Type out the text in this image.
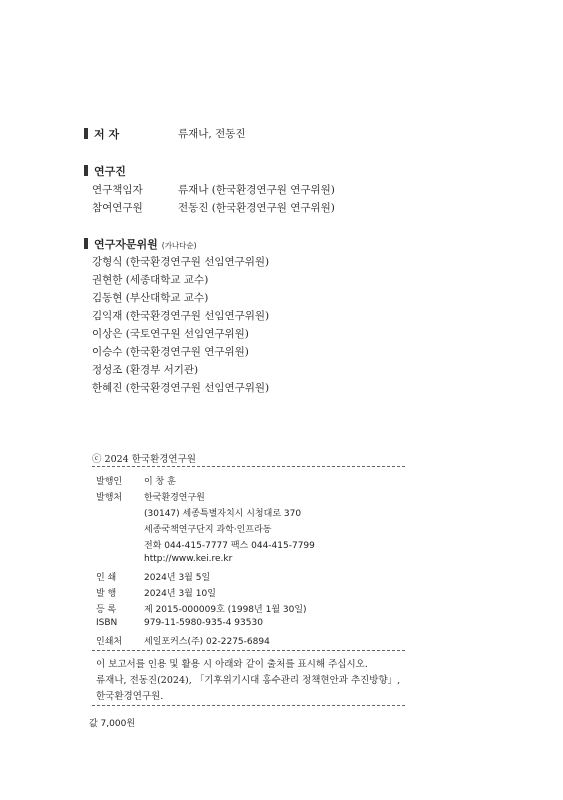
저 자	류재나, 전동진
연구진
연구책임자	류재나 (한국환경연구원 연구위원)
참여연구원	전동진 (한국환경연구원 연구위원)
연구자문위원 (가나다순)
강형식 (한국환경연구원 선임연구위원)
권현한 (세종대학교 교수)
김동현 (부산대학교 교수)
김익재 (한국환경연구원 선임연구위원)
이상은 (국토연구원 선임연구위원)
이승수 (한국환경연구원 연구위원)
정성조 (환경부 서기관)
한혜진 (한국환경연구원 선임연구위원)
ⓒ 2024 한국환경연구원
발행인 이 창 훈
발행처 한국환경연구원
(30147) 세종특별자치시 시청대로 370
세종국책연구단지 과학·인프라동
전화 044-415-7777 팩스 044-415-7799
http://www.kei.re.kr
인 쇄	2024년 3월 5일
발 행	2024년 3월 10일
등 록	제 2015-000009호 (1998년 1월 30일)
ISBN	979-11-5980-935-4 93530
인쇄처 세일포커스(주) 02-2275-6894
이 보고서를 인용 및 활용 시 아래와 같이 출처를 표시해 주십시오.
류재나, 전동진(2024), 「기후위기시대 홍수관리 정책현안과 추진방향」,
한국환경연구원.
값 7,000원
